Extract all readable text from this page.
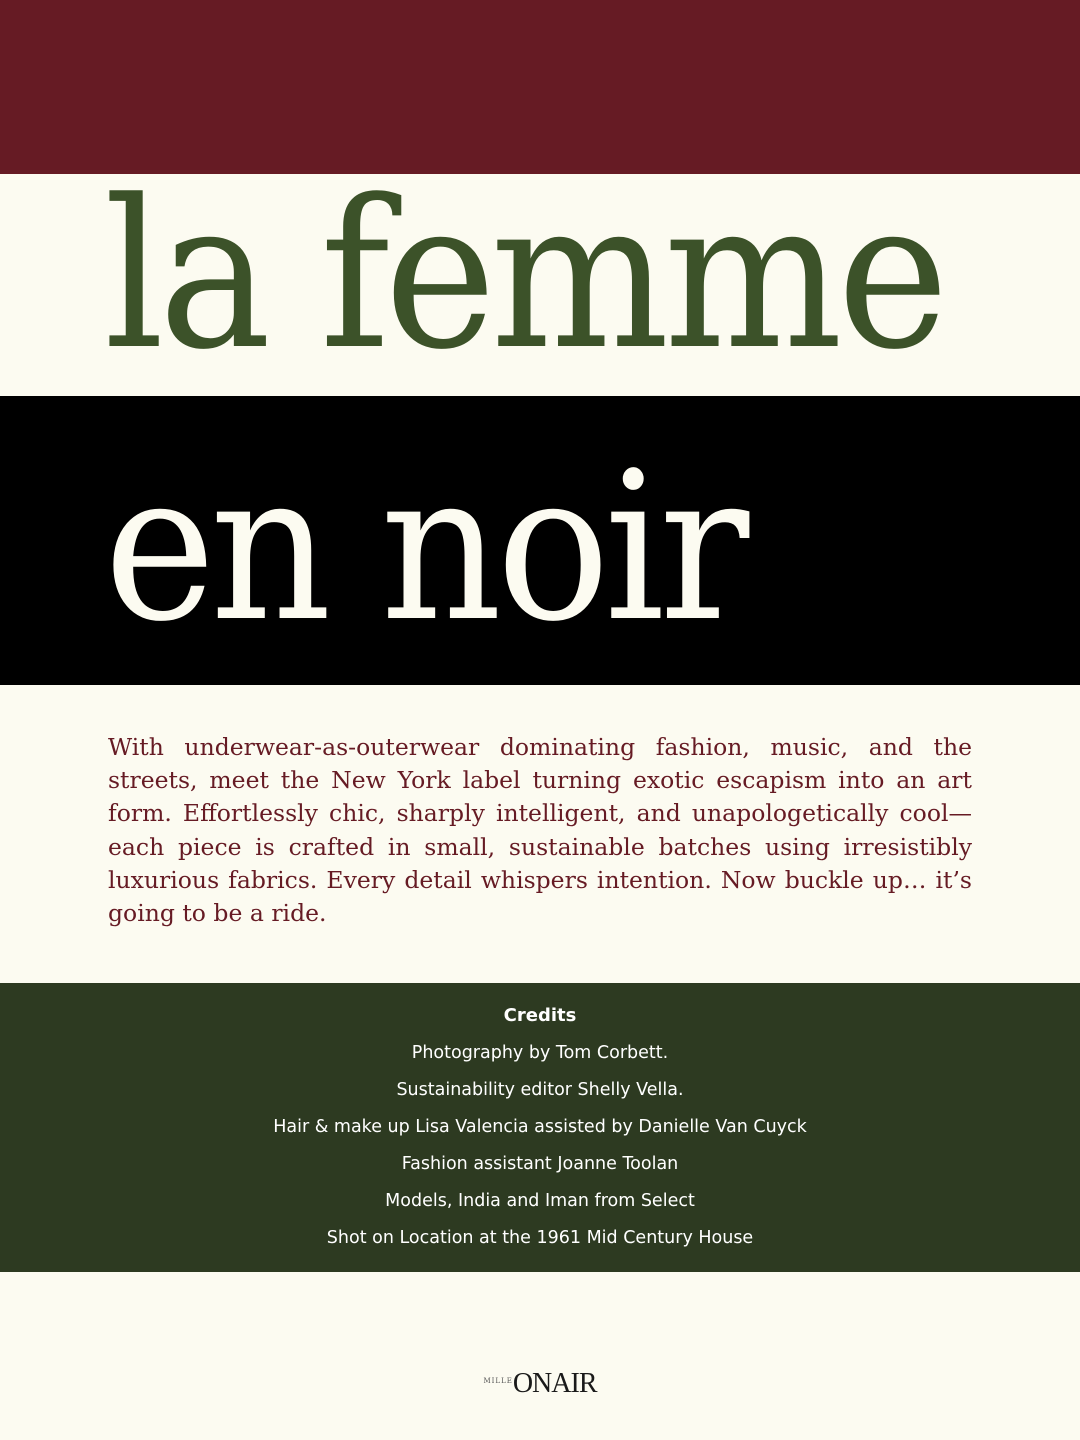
la femme
en noir

With underwear-as-outerwear dominating fashion, music, and the streets, meet the New York label turning exotic escapism into an art form. Effortlessly chic, sharply intelligent, and unapologetically cool—each piece is crafted in small, sustainable batches using irresistibly luxurious fabrics. Every detail whispers intention. Now buckle up… it’s going to be a ride.

Credits
Photography by Tom Corbett.
Sustainability editor Shelly Vella.
Hair & make up Lisa Valencia assisted by Danielle Van Cuyck
Fashion assistant Joanne Toolan
Models, India and Iman from Select
Shot on Location at the 1961 Mid Century House
$^{MILLE}$ONAIR
